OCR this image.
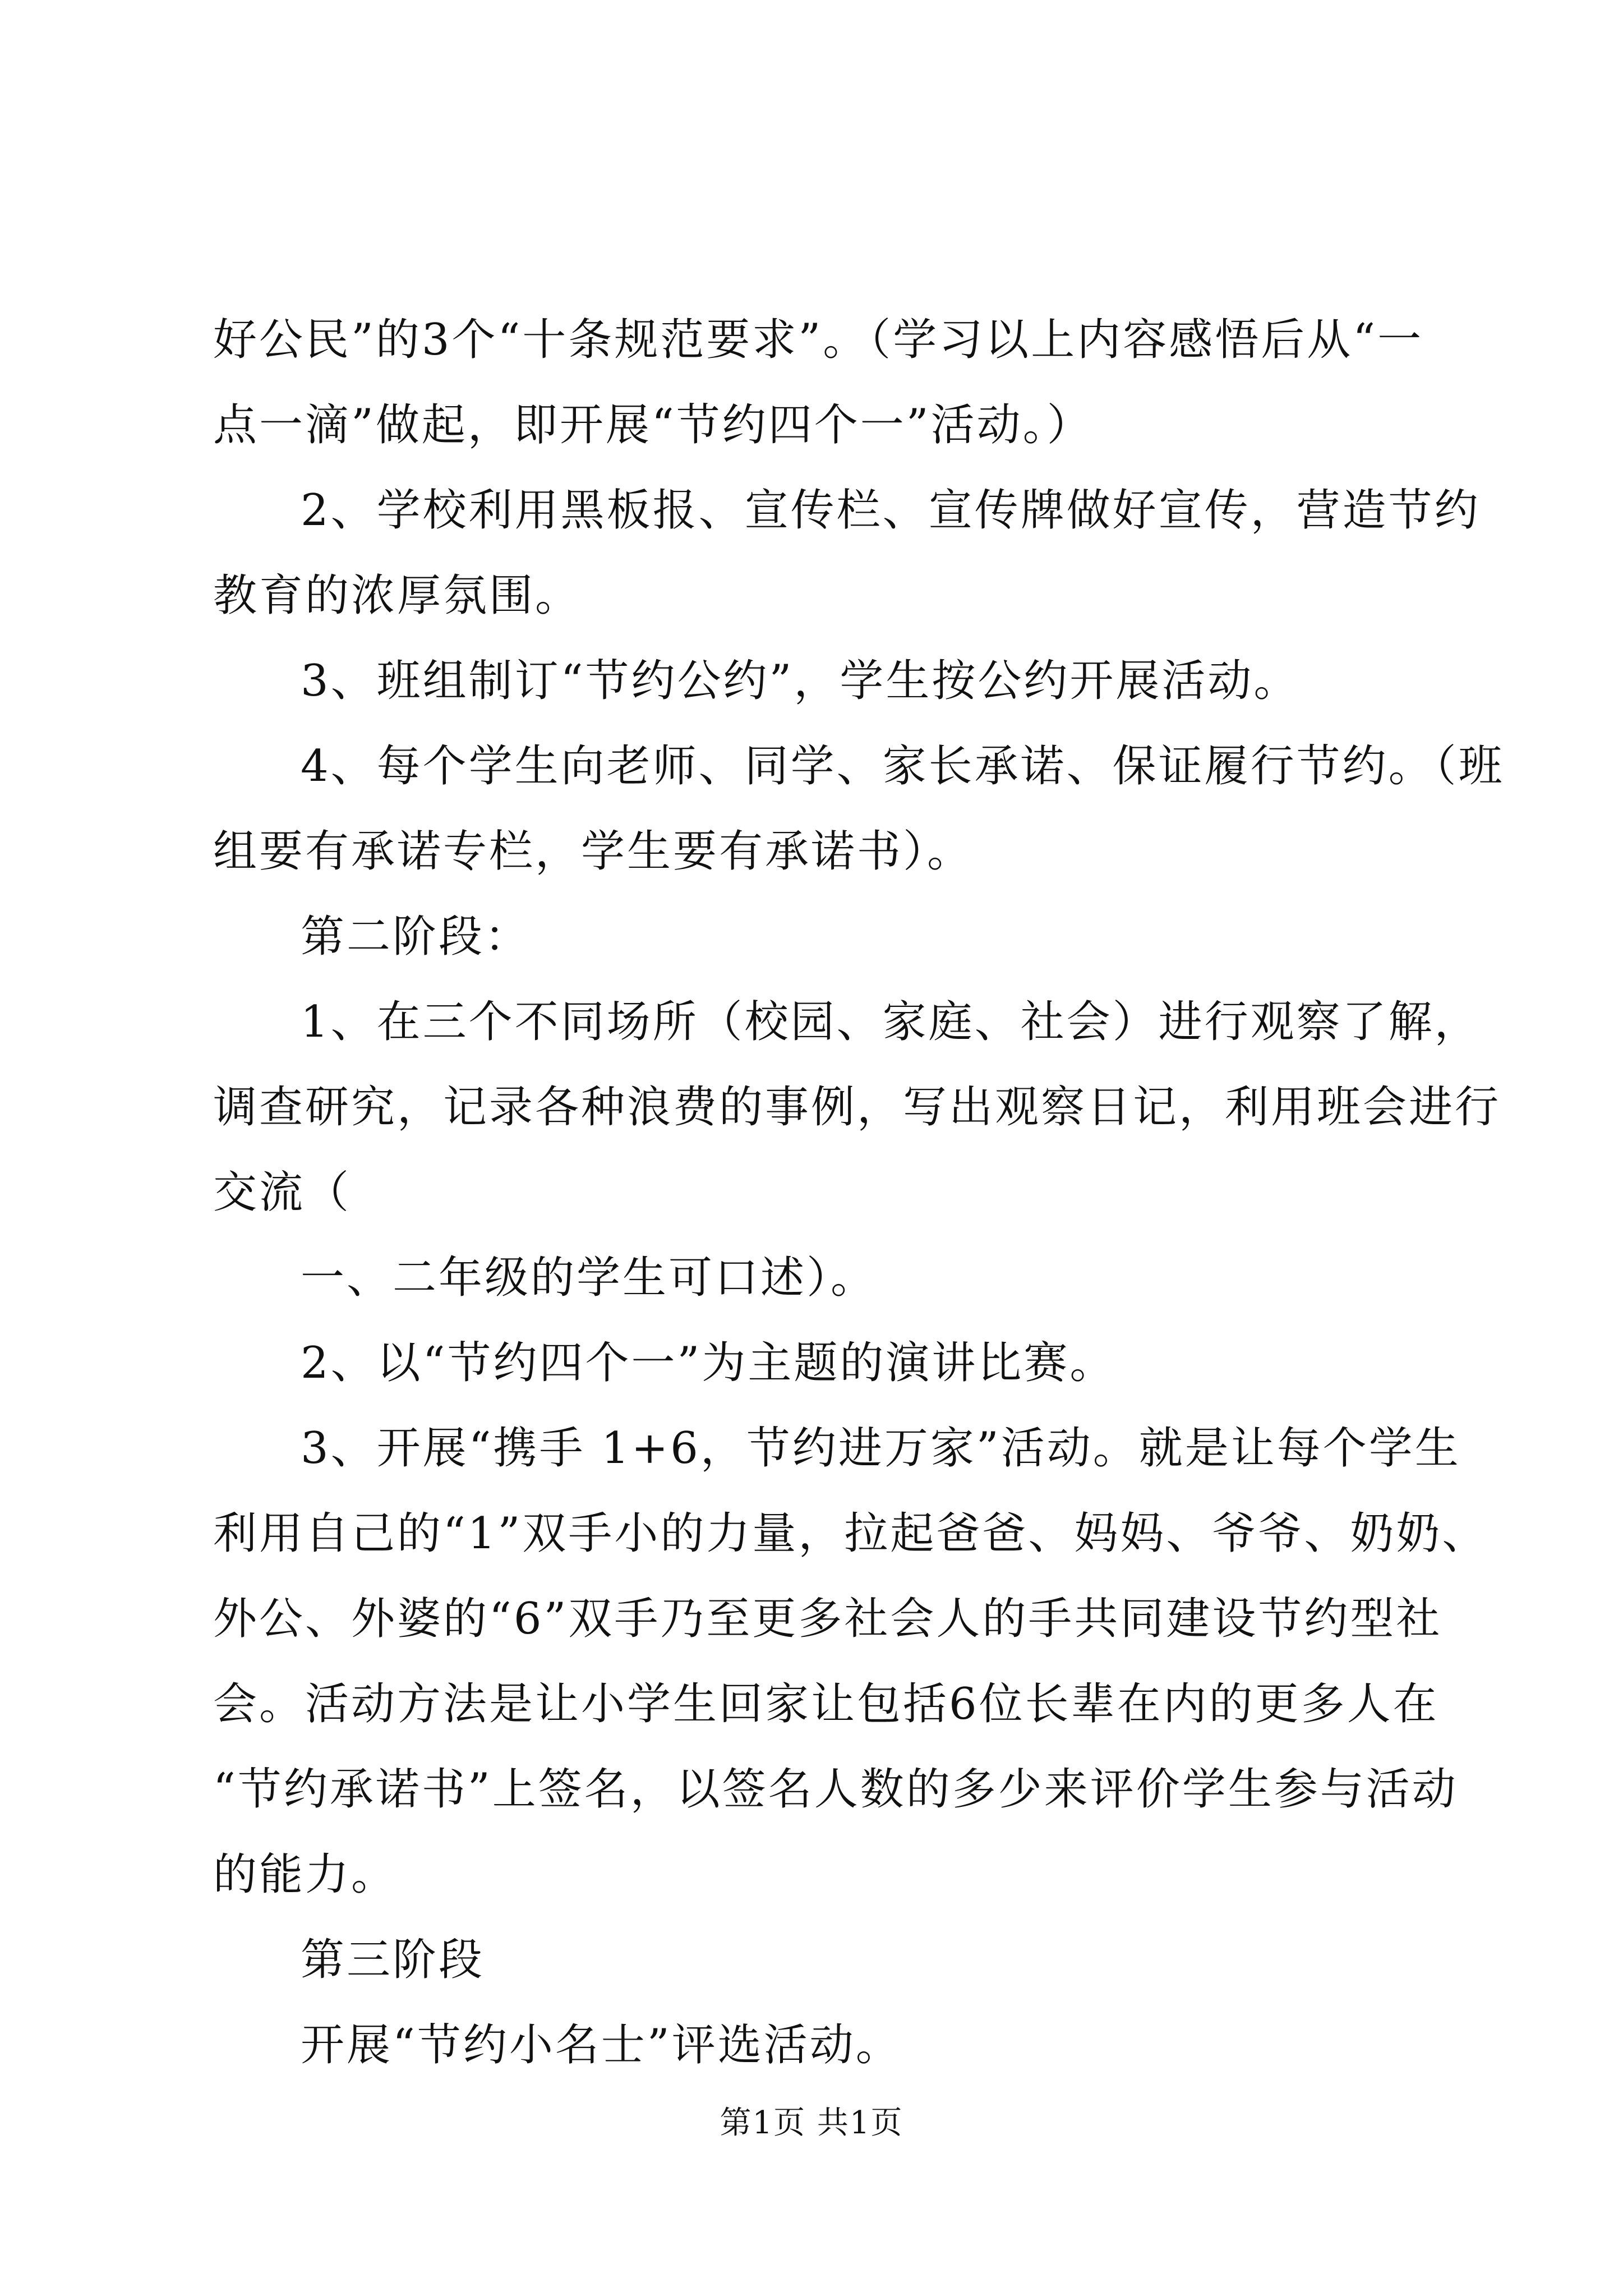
好公民”的3个“十条规范要求”。（学习以上内容感悟后从“一
点一滴”做起，即开展“节约四个一”活动。）
2、学校利用黑板报、宣传栏、宣传牌做好宣传，营造节约
教育的浓厚氛围。
3、班组制订“节约公约”，学生按公约开展活动。
4、每个学生向老师、同学、家长承诺、保证履行节约。（班
组要有承诺专栏，学生要有承诺书）。
第二阶段：
1、在三个不同场所（校园、家庭、社会）进行观察了解，
调查研究，记录各种浪费的事例，写出观察日记，利用班会进行
交流（
一、二年级的学生可口述）。
2、以“节约四个一”为主题的演讲比赛。
3、开展“携手 1+6，节约进万家”活动。就是让每个学生
利用自己的“1”双手小的力量，拉起爸爸、妈妈、爷爷、奶奶、
外公、外婆的“6”双手乃至更多社会人的手共同建设节约型社
会。活动方法是让小学生回家让包括6位长辈在内的更多人在
“节约承诺书”上签名，以签名人数的多少来评价学生参与活动
的能力。
第三阶段
开展“节约小名士”评选活动。
第1页 共1页
